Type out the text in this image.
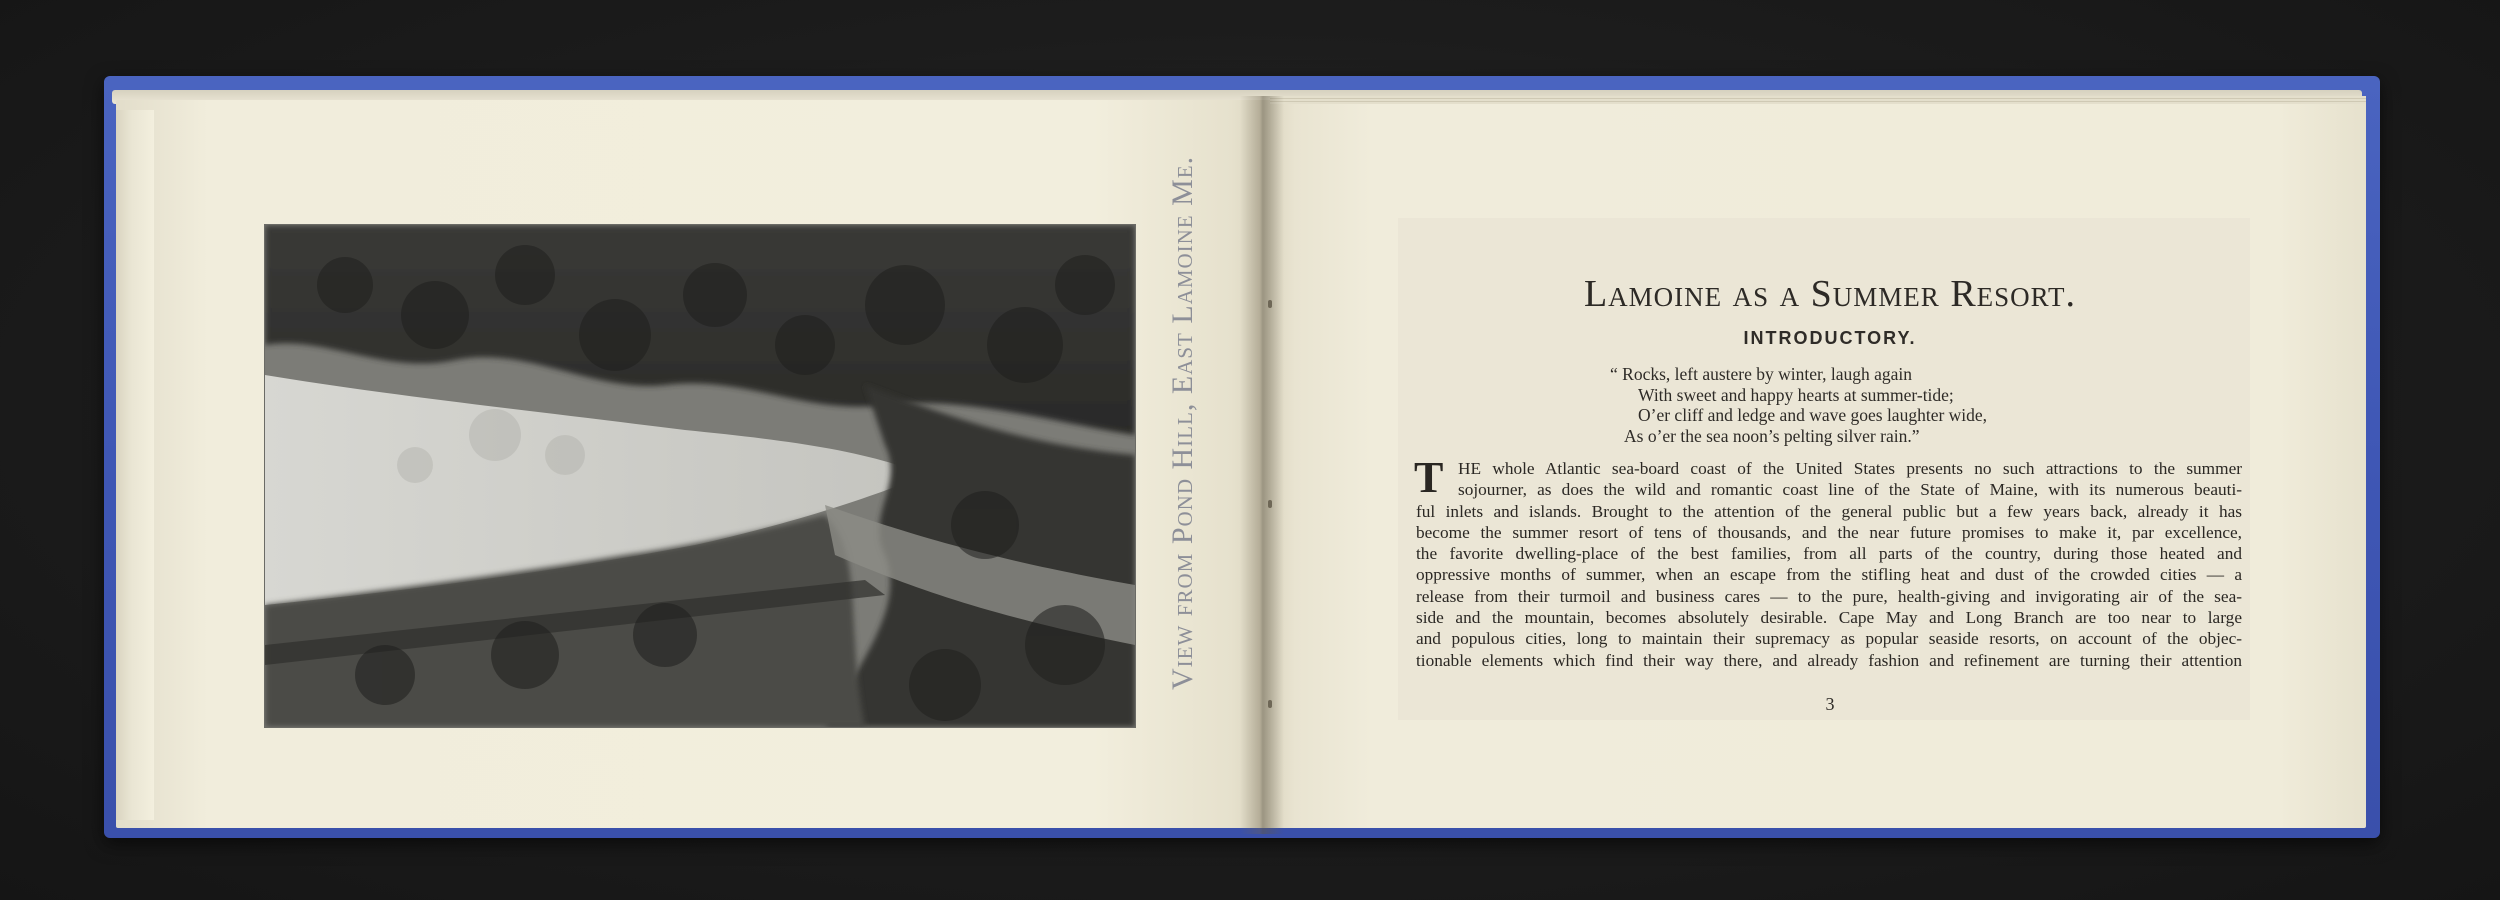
View from Pond Hill, East Lamoine Me.	Lamoine as a Summer Resort.
INTRODUCTORY.
“ Rocks, left austere by winter, laugh again
With sweet and happy hearts at summer-tide;
O’er cliff and ledge and wave goes laughter wide,
As o’er the sea noon’s pelting silver rain.”
T HE whole Atlantic sea-board coast of the United States presents no such attractions to the summer
sojourner, as does the wild and romantic coast line of the State of Maine, with its numerous beauti-
ful inlets and islands. Brought to the attention of the general public but a few years back, already it has
become the summer resort of tens of thousands, and the near future promises to make it, par excellence,
the favorite dwelling-place of the best families, from all parts of the country, during those heated and
oppressive months of summer, when an escape from the stifling heat and dust of the crowded cities — a
release from their turmoil and business cares — to the pure, health-giving and invigorating air of the sea-
side and the mountain, becomes absolutely desirable. Cape May and Long Branch are too near to large
and populous cities, long to maintain their supremacy as popular seaside resorts, on account of the objec-
tionable elements which find their way there, and already fashion and refinement are turning their attention
3
